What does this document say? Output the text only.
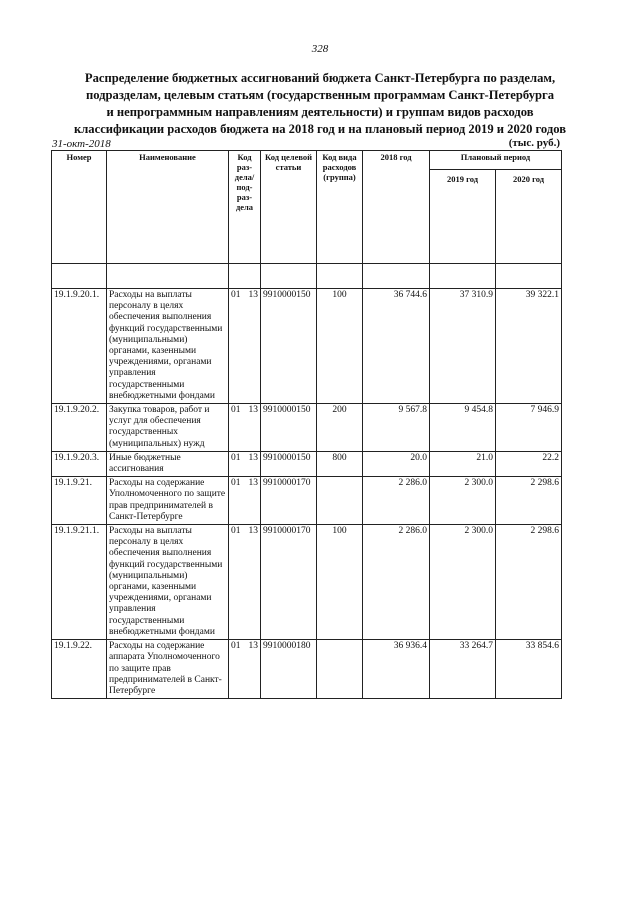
328
Распределение бюджетных ассигнований бюджета Санкт-Петербурга по разделам,
подразделам, целевым статьям (государственным программам Санкт-Петербурга
и непрограммным направлениям деятельности) и группам видов расходов
классификации расходов бюджета на 2018 год и на плановый период 2019 и 2020 годов
31-окт-2018	(тыс. руб.)
Номер	Наименование	Код раз-дела/ под-раз-дела	Код целевой статьи	Код вида расходов (группа)	2018 год	Плановый период	
						2019 год	2020 год

19.1.9.20.1.	Расходы на выплаты персоналу в целях обеспечения выполнения функций государственными (муниципальными) органами, казенными учреждениями, органами управления государственными внебюджетными фондами	01 13	9910000150	100	36 744.6	37 310.9	39 322.1
19.1.9.20.2.	Закупка товаров, работ и услуг для обеспечения государственных (муниципальных) нужд	01 13	9910000150	200	9 567.8	9 454.8	7 946.9
19.1.9.20.3.	Иные бюджетные ассигнования	01 13	9910000150	800	20.0	21.0	22.2
19.1.9.21.	Расходы на содержание Уполномоченного по защите прав предпринимателей в Санкт-Петербурге	01 13	9910000170		2 286.0	2 300.0	2 298.6
19.1.9.21.1.	Расходы на выплаты персоналу в целях обеспечения выполнения функций государственными (муниципальными) органами, казенными учреждениями, органами управления государственными внебюджетными фондами	01 13	9910000170	100	2 286.0	2 300.0	2 298.6
19.1.9.22.	Расходы на содержание аппарата Уполномоченного по защите прав предпринимателей в Санкт-Петербурге	01 13	9910000180		36 936.4	33 264.7	33 854.6
